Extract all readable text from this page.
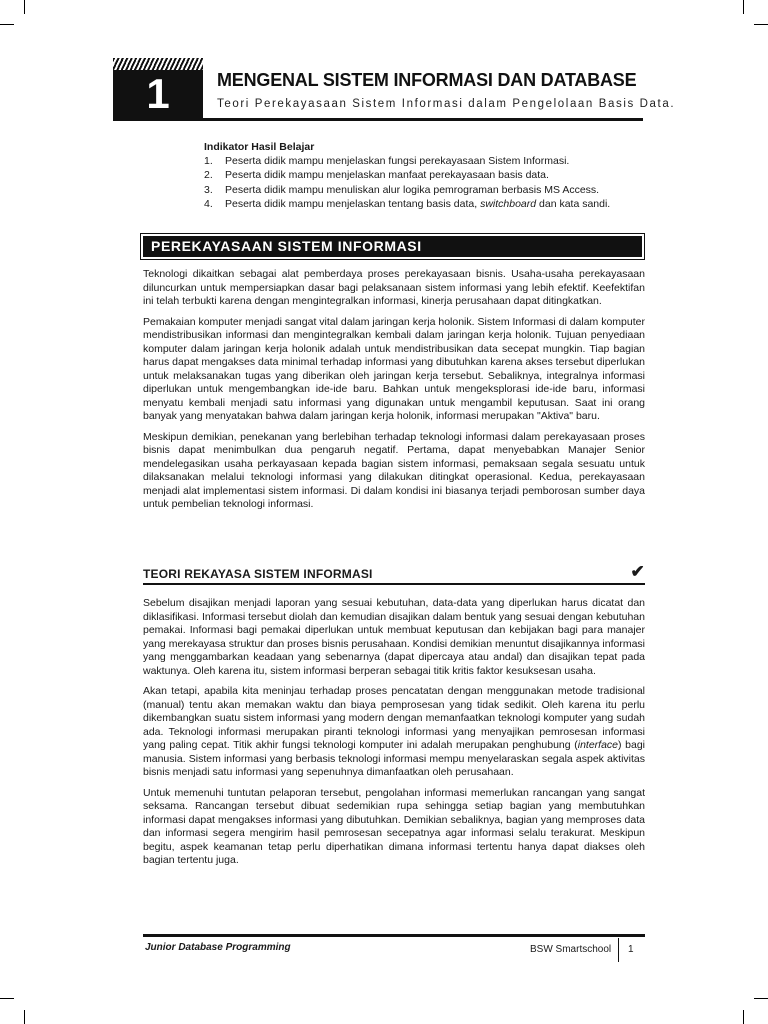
1	MENGENAL SISTEM INFORMASI DAN DATABASE
Teori Perekayasaan Sistem Informasi dalam Pengelolaan Basis Data.
Indikator Hasil Belajar
1. Peserta didik mampu menjelaskan fungsi perekayasaan Sistem Informasi.
2. Peserta didik mampu menjelaskan manfaat perekayasaan basis data.
3. Peserta didik mampu menuliskan alur logika pemrograman berbasis MS Access.
4. Peserta didik mampu menjelaskan tentang basis data, switchboard dan kata sandi.
PEREKAYASAAN SISTEM INFORMASI

Teknologi dikaitkan sebagai alat pemberdaya proses perekayasaan bisnis. Usaha-usaha perekayasaan diluncurkan untuk mempersiapkan dasar bagi pelaksanaan sistem informasi yang lebih efektif. Keefektifan ini telah terbukti karena dengan mengintegralkan informasi, kinerja perusahaan dapat ditingkatkan.

Pemakaian komputer menjadi sangat vital dalam jaringan kerja holonik. Sistem Informasi di dalam komputer mendistribusikan informasi dan mengintegralkan kembali dalam jaringan kerja holonik. Tujuan penyediaan komputer dalam jaringan kerja holonik adalah untuk mendistribusikan data secepat mungkin. Tiap bagian harus dapat mengakses data minimal terhadap informasi yang dibutuhkan karena akses tersebut diperlukan untuk melaksanakan tugas yang diberikan oleh jaringan kerja tersebut. Sebaliknya, integralnya informasi diperlukan untuk mengembangkan ide-ide baru. Bahkan untuk mengeksplorasi ide-ide baru, informasi menyatu kembali menjadi satu informasi yang digunakan untuk mengambil keputusan. Saat ini orang banyak yang menyatakan bahwa dalam jaringan kerja holonik, informasi merupakan "Aktiva" baru.

Meskipun demikian, penekanan yang berlebihan terhadap teknologi informasi dalam perekayasaan proses bisnis dapat menimbulkan dua pengaruh negatif. Pertama, dapat menyebabkan Manajer Senior mendelegasikan usaha perkayasaan kepada bagian sistem informasi, pemaksaan segala sesuatu untuk dilaksanakan melalui teknologi informasi yang dilakukan ditingkat operasional. Kedua, perekayasaan menjadi alat implementasi sistem informasi. Di dalam kondisi ini biasanya terjadi pemborosan sumber daya untuk pembelian teknologi informasi.

TEORI REKAYASA SISTEM INFORMASI	✔

Sebelum disajikan menjadi laporan yang sesuai kebutuhan, data-data yang diperlukan harus dicatat dan diklasifikasi. Informasi tersebut diolah dan kemudian disajikan dalam bentuk yang sesuai dengan kebutuhan pemakai. Informasi bagi pemakai diperlukan untuk membuat keputusan dan kebijakan bagi para manajer yang merekayasa struktur dan proses bisnis perusahaan. Kondisi demikian menuntut disajikannya informasi yang menggambarkan keadaan yang sebenarnya (dapat dipercaya atau andal) dan disajikan tepat pada waktunya. Oleh karena itu, sistem informasi berperan sebagai titik kritis faktor kesuksesan usaha.

Akan tetapi, apabila kita meninjau terhadap proses pencatatan dengan menggunakan metode tradisional (manual) tentu akan memakan waktu dan biaya pemprosesan yang tidak sedikit. Oleh karena itu perlu dikembangkan suatu sistem informasi yang modern dengan memanfaatkan teknologi komputer yang sudah ada. Teknologi informasi merupakan piranti teknologi informasi yang menyajikan pemrosesan informasi yang paling cepat. Titik akhir fungsi teknologi komputer ini adalah merupakan penghubung (interface) bagi manusia. Sistem informasi yang berbasis teknologi informasi mempu menyelaraskan segala aspek aktivitas bisnis menjadi satu informasi yang sepenuhnya dimanfaatkan oleh perusahaan.

Untuk memenuhi tuntutan pelaporan tersebut, pengolahan informasi memerlukan rancangan yang sangat seksama. Rancangan tersebut dibuat sedemikian rupa sehingga setiap bagian yang membutuhkan informasi dapat mengakses informasi yang dibutuhkan. Demikian sebaliknya, bagian yang memproses data dan informasi segera mengirim hasil pemrosesan secepatnya agar informasi selalu terakurat. Meskipun begitu, aspek keamanan tetap perlu diperhatikan dimana informasi tertentu hanya dapat diakses oleh bagian tertentu juga.

Junior Database Programming	BSW Smartschool 1
